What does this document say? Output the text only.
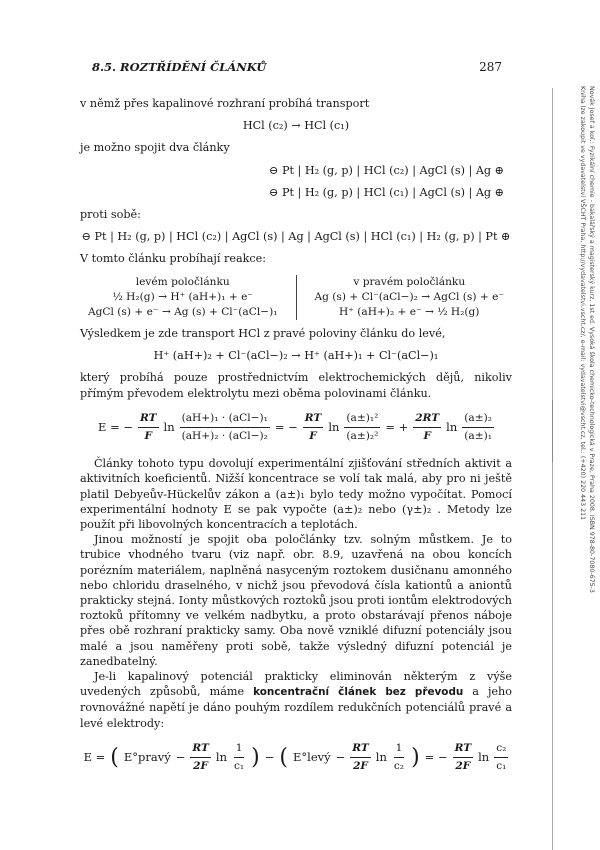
8.5. ROZTŘÍDĚNÍ ČLÁNKŮ	287
Novák Josef a kol.: Fyzikální chemie - bakalářský a magisterský kurz. 1st ed. Vysoká škola chemicko-technologická v Praze, Praha 2008. ISBN 978-80-7080-675-3
Kniha lze zakoupit ve vydavatelství VŠCHT Praha, http://vydavatelstvi.vscht.cz/, e-mail: vydavatelstvi@vscht.cz, tel.: (+420) 220 443 211

v němž přes kapalinové rozhraní probíhá transport

HCl (c₂) → HCl (c₁)

je možno spojit dva články

⊖ Pt | H₂ (g, p) | HCl (c₂) | AgCl (s) | Ag ⊕
⊖ Pt | H₂ (g, p) | HCl (c₁) | AgCl (s) | Ag ⊕

proti sobě:

⊖ Pt | H₂ (g, p) | HCl (c₂) | AgCl (s) | Ag | AgCl (s) | HCl (c₁) | H₂ (g, p) | Pt ⊕

V tomto článku probíhají reakce:

levém poločlánku
½ H₂(g) → H⁺ (aH+)₁ + e⁻
AgCl (s) + e⁻ → Ag (s) + Cl⁻(aCl−)₁
v pravém poločlánku
Ag (s) + Cl⁻(aCl−)₂ → AgCl (s) + e⁻
H⁺ (aH+)₂ + e⁻ → ½ H₂(g)

Výsledkem je zde transport HCl z pravé poloviny článku do levé,

H⁺ (aH+)₂ + Cl⁻(aCl−)₂ → H⁺ (aH+)₁ + Cl⁻(aCl−)₁

který probíhá pouze prostřednictvím elektrochemických dějů, nikoliv přímým převodem elektrolytu mezi oběma polovinami článku.

E = − $\frac{RT}{F}$ ln
(aH+)₁ · (aCl−)₁
(aH+)₂ · (aCl−)₂
= − $\frac{RT}{F}$ $\ln \frac{\text{(a±)₁²}}{\text{(a±)₂²}}$ = + $\frac{2RT}{F}$ ln
(a±)₂
(a±)₁

Články tohoto typu dovolují experimentální zjišťování středních aktivit a aktivitních koeficientů. Nižší koncentrace se volí tak malá, aby pro ni ještě platil Debyeův-Hückelův zákon a (a±)₁ bylo tedy možno vypočítat. Pomocí experimentální hodnoty E se pak vypočte (a±)₂ nebo (γ±)₂ . Metody lze použít při libovolných koncentracích a teplotách.

Jinou možností je spojit oba poločlánky tzv. solným můstkem. Je to trubice vhodného tvaru (viz např. obr. 8.9, uzavřená na obou koncích porézním materiálem, naplněná nasyceným roztokem dusičnanu amonného nebo chloridu draselného, v nichž jsou převodová čísla kationtů a aniontů prakticky stejná. Ionty můstkových roztoků jsou proti iontům elektrodových roztoků přítomny ve velkém nadbytku, a proto obstarávají přenos náboje přes obě rozhraní prakticky samy. Oba nově vzniklé difuzní potenciály jsou malé a jsou naměřeny proti sobě, takže výsledný difuzní potenciál je zanedbatelný.

Je-li kapalinový potenciál prakticky eliminován některým z výše uvedených způsobů, máme koncentrační článek bez převodu a jeho rovnovážné napětí je dáno pouhým rozdílem redukčních potenciálů pravé a levé elektrody:

E = ( E°pravý − $\frac{RT}{2F}$ ln
1
c₁ ) − ( E°levý − $\frac{RT}{2F}$ ln
1
c₂ ) = − $\frac{RT}{2F}$ ln
c₂
c₁
